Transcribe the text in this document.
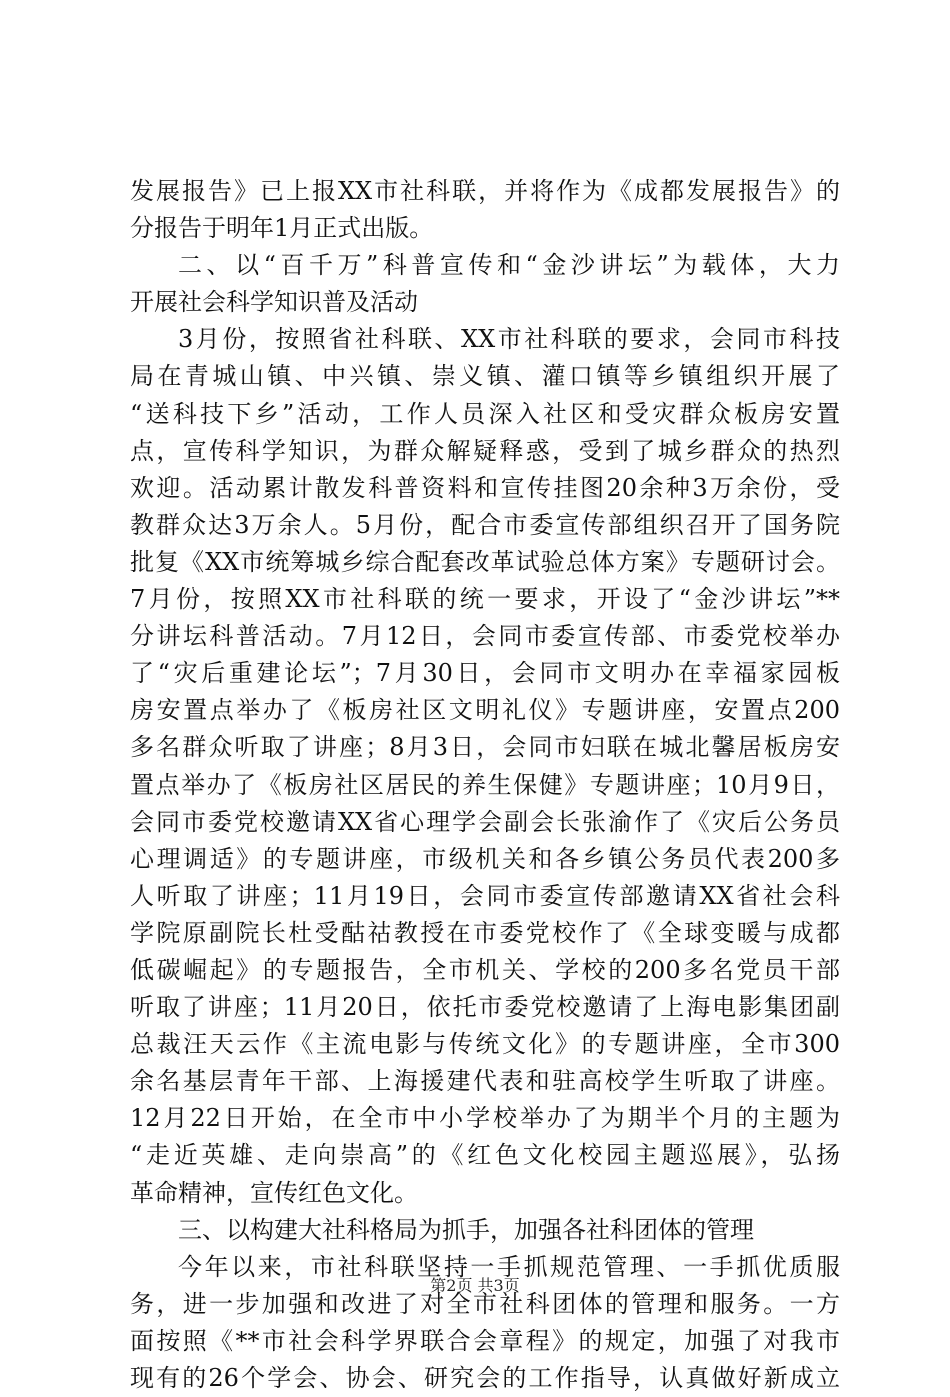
发展报告》已上报XX市社科联，并将作为《成都发展报告》的
分报告于明年1月正式出版。
二、以“百千万”科普宣传和“金沙讲坛”为载体，大力
开展社会科学知识普及活动
3月份，按照省社科联、XX市社科联的要求，会同市科技
局在青城山镇、中兴镇、崇义镇、灌口镇等乡镇组织开展了
“送科技下乡”活动，工作人员深入社区和受灾群众板房安置
点，宣传科学知识，为群众解疑释惑，受到了城乡群众的热烈
欢迎。活动累计散发科普资料和宣传挂图20余种3万余份，受
教群众达3万余人。5月份，配合市委宣传部组织召开了国务院
批复《XX市统筹城乡综合配套改革试验总体方案》专题研讨会。
7月份，按照XX市社科联的统一要求，开设了“金沙讲坛”**
分讲坛科普活动。7月12日，会同市委宣传部、市委党校举办
了“灾后重建论坛”；7月30日，会同市文明办在幸福家园板
房安置点举办了《板房社区文明礼仪》专题讲座，安置点200
多名群众听取了讲座；8月3日，会同市妇联在城北馨居板房安
置点举办了《板房社区居民的养生保健》专题讲座；10月9日，
会同市委党校邀请XX省心理学会副会长张渝作了《灾后公务员
心理调适》的专题讲座，市级机关和各乡镇公务员代表200多
人听取了讲座；11月19日，会同市委宣传部邀请XX省社会科
学院原副院长杜受酤祜教授在市委党校作了《全球变暖与成都
低碳崛起》的专题报告，全市机关、学校的200多名党员干部
听取了讲座；11月20日，依托市委党校邀请了上海电影集团副
总裁汪天云作《主流电影与传统文化》的专题讲座，全市300
余名基层青年干部、上海援建代表和驻高校学生听取了讲座。
12月22日开始，在全市中小学校举办了为期半个月的主题为
“走近英雄、走向崇高”的《红色文化校园主题巡展》，弘扬
革命精神，宣传红色文化。
三、以构建大社科格局为抓手，加强各社科团体的管理
今年以来，市社科联坚持一手抓规范管理、一手抓优质服
务，进一步加强和改进了对全市社科团体的管理和服务。一方
面按照《**市社会科学界联合会章程》的规定，加强了对我市
现有的26个学会、协会、研究会的工作指导，认真做好新成立
第2页 共3页
